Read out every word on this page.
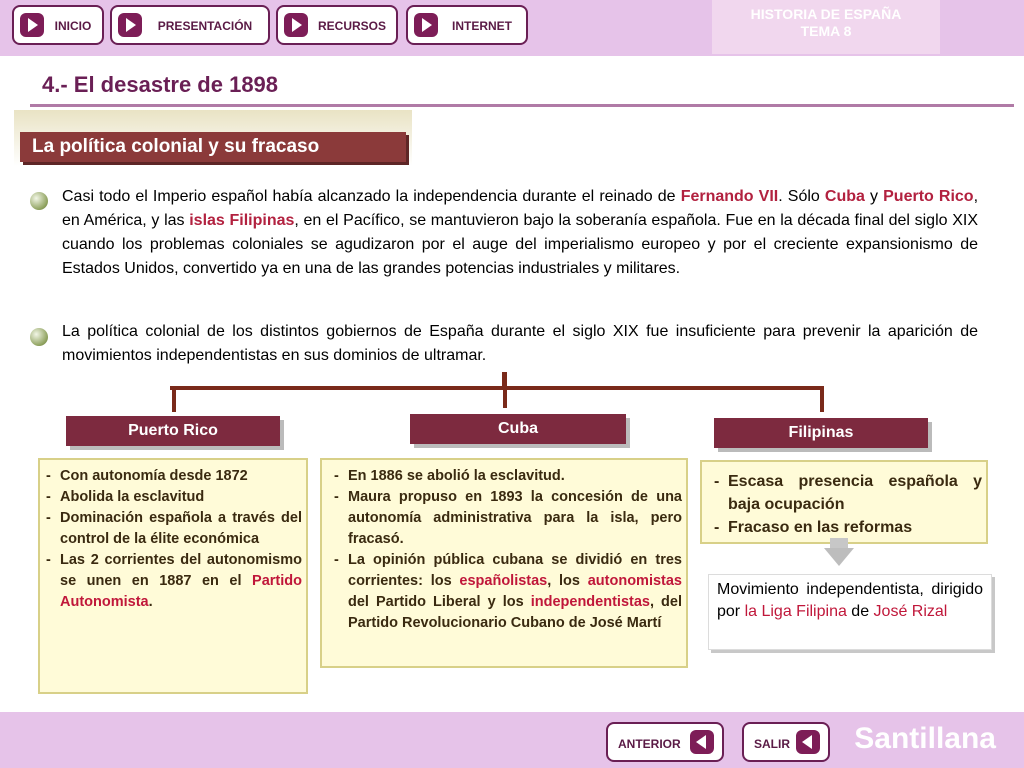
INICIO	PRESENTACIÓN	RECURSOS	INTERNET
HISTORIA DE ESPAÑA
TEMA 8
4.- El desastre de 1898
La política colonial y su fracaso
Casi todo el Imperio español había alcanzado la independencia durante el reinado de Fernando VII. Sólo Cuba y Puerto Rico, en América, y las islas Filipinas, en el Pacífico, se mantuvieron bajo la soberanía española. Fue en la década final del siglo XIX cuando los problemas coloniales se agudizaron por el auge del imperialismo europeo y por el creciente expansionismo de Estados Unidos, convertido ya en una de las grandes potencias industriales y militares.
La política colonial de los distintos gobiernos de España durante el siglo XIX fue insuficiente para prevenir la aparición de movimientos independentistas en sus dominios de ultramar.
Puerto Rico	Cuba	Filipinas
- Con autonomía desde 1872
- Abolida la esclavitud
- Dominación española a través del control de la élite económica
- Las 2 corrientes del autonomismo se unen en 1887 en el Partido Autonomista.
- En 1886 se abolió la esclavitud.
- Maura propuso en 1893 la concesión de una autonomía administrativa para la isla, pero fracasó.
- La opinión pública cubana se dividió en tres corrientes: los españolistas, los autonomistas del Partido Liberal y los independentistas, del Partido Revolucionario Cubano de José Martí
- Escasa presencia española y baja ocupación
- Fracaso en las reformas
Movimiento independentista, dirigido por la Liga Filipina de José Rizal
ANTERIOR	SALIR Santillana
